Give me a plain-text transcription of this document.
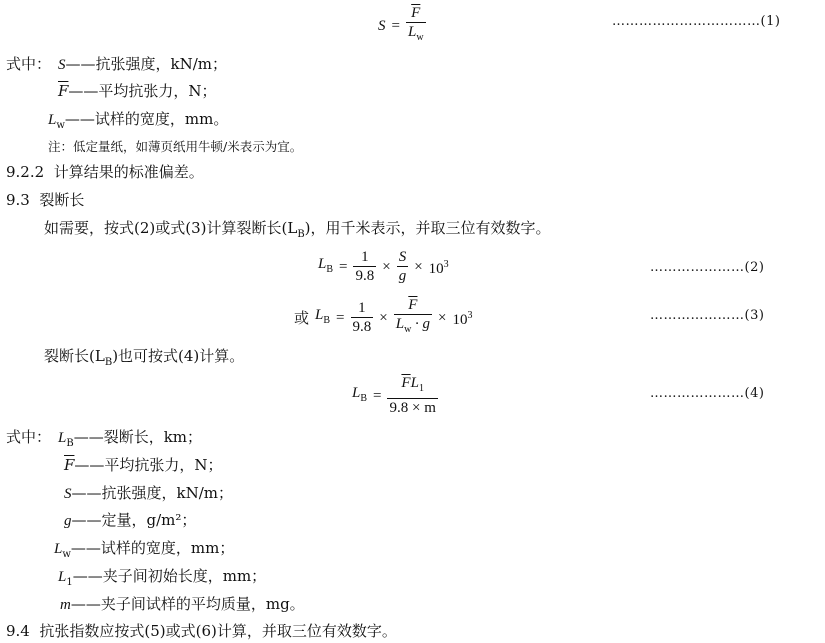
$S = \frac{\overline{F}}{L_w}$	……………………………(1)
式中： S——抗张强度，kN/m；
$\overline{F}——$平均抗张力，N；
$L_w——$试样的宽度，mm。
注：低定量纸，如薄页纸用牛顿/米表示为宜。
9.2.2 计算结果的标准偏差。
9.3 裂断长
如需要，按式(2)或式(3)计算裂断长$(L_B)$，用千米表示，并取三位有效数字。
$L_B = \frac{1}{9.8} \times \frac{S}{g} \times 10^3$	…………………(2)
或 $L_B = \frac{1}{9.8} \times \frac{\overline{F}}{L_w \cdot g} \times 10^3$	…………………(3)
裂断长$(L_B)$也可按式(4)计算。
$L_B = \frac{\overline{F}L_1}{9.8 \times m}$	…………………(4)
式中： $L_B——$裂断长，km；
$\overline{F}——$平均抗张力，N；
S——抗张强度，kN/m；
g——定量，g/m²；
$L_w——$试样的宽度，mm；
$L_1——$夹子间初始长度，mm；
m——夹子间试样的平均质量，mg。
9.4 抗张指数应按式(5)或式(6)计算，并取三位有效数字。
